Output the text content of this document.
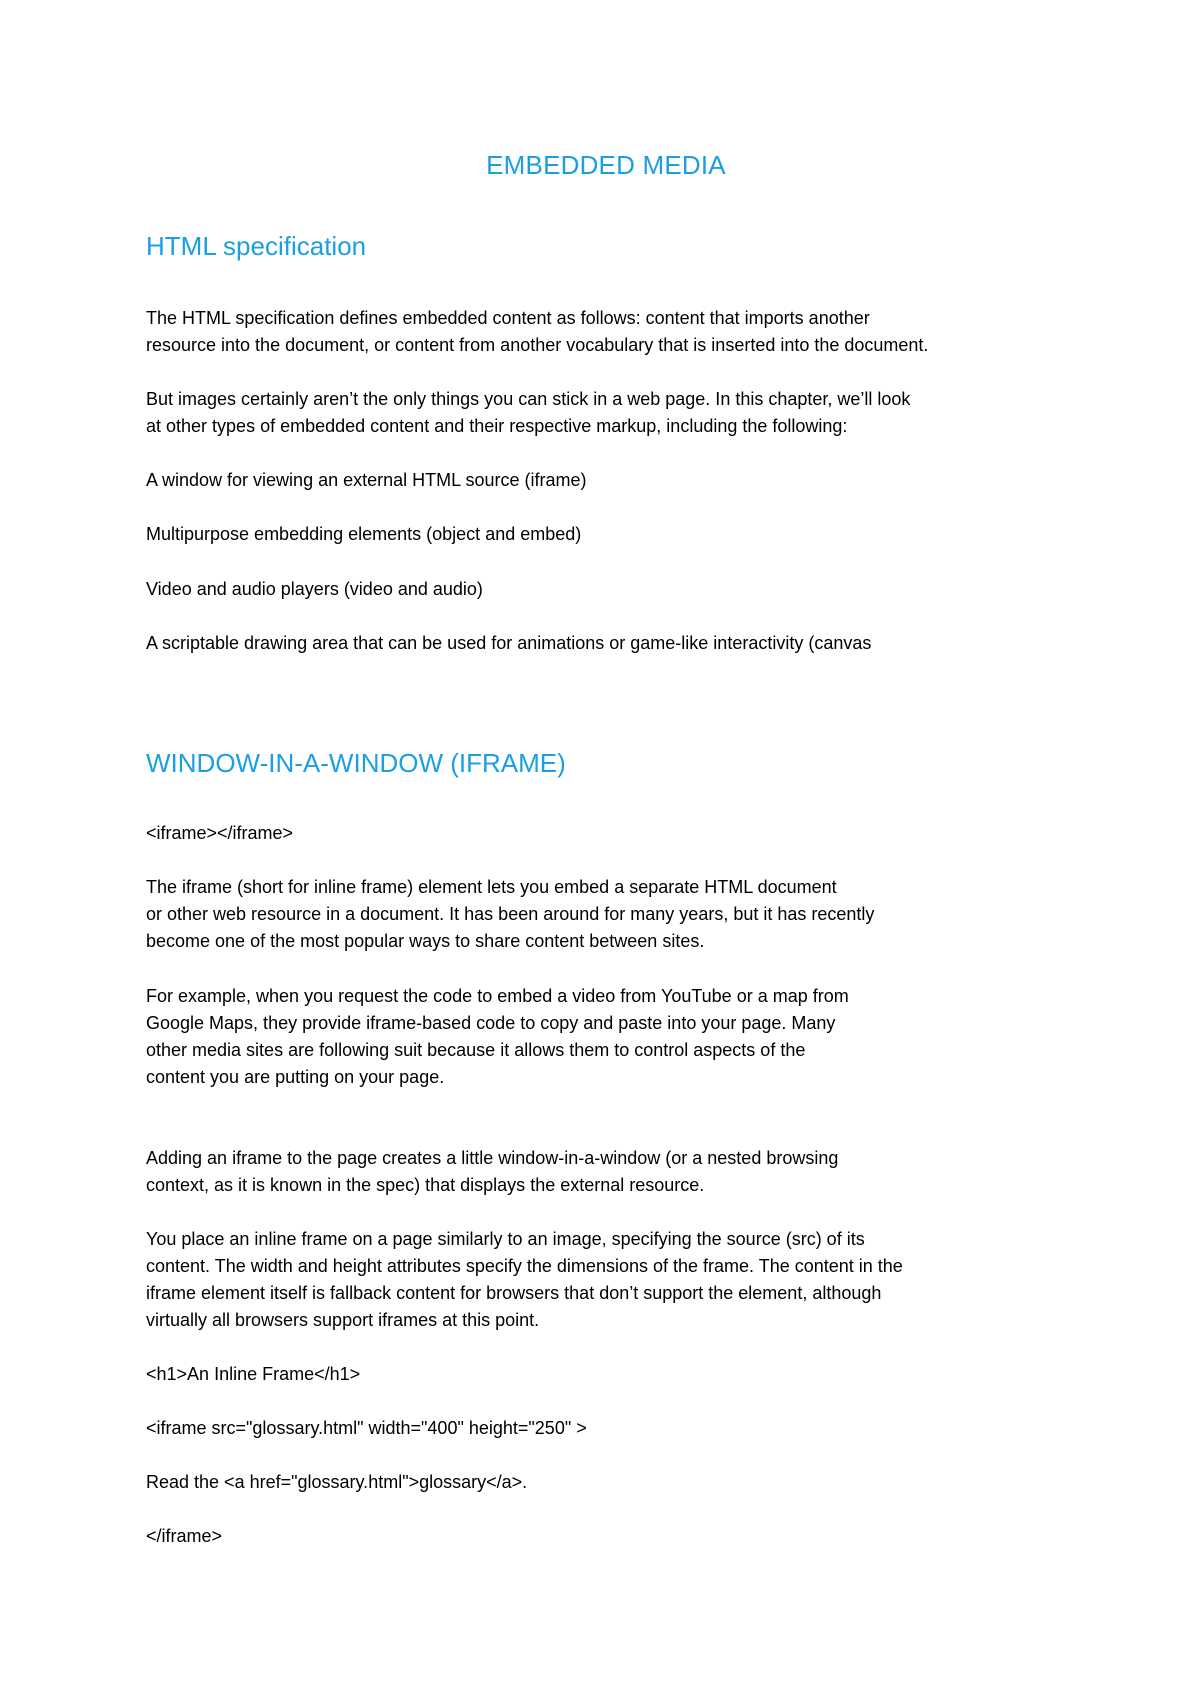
EMBEDDED MEDIA
HTML specification

The HTML specification defines embedded content as follows: content that imports another
resource into the document, or content from another vocabulary that is inserted into the document.

But images certainly aren’t the only things you can stick in a web page. In this chapter, we’ll look
at other types of embedded content and their respective markup, including the following:

A window for viewing an external HTML source (iframe)

Multipurpose embedding elements (object and embed)

Video and audio players (video and audio)

A scriptable drawing area that can be used for animations or game-like interactivity (canvas

WINDOW-IN-A-WINDOW (IFRAME)

<iframe></iframe>

The iframe (short for inline frame) element lets you embed a separate HTML document
or other web resource in a document. It has been around for many years, but it has recently
become one of the most popular ways to share content between sites.

For example, when you request the code to embed a video from YouTube or a map from
Google Maps, they provide iframe-based code to copy and paste into your page. Many
other media sites are following suit because it allows them to control aspects of the
content you are putting on your page.

Adding an iframe to the page creates a little window-in-a-window (or a nested browsing
context, as it is known in the spec) that displays the external resource.

You place an inline frame on a page similarly to an image, specifying the source (src) of its
content. The width and height attributes specify the dimensions of the frame. The content in the
iframe element itself is fallback content for browsers that don’t support the element, although
virtually all browsers support iframes at this point.

<h1>An Inline Frame</h1>

<iframe src="glossary.html" width="400" height="250" >

Read the <a href="glossary.html">glossary</a>.

</iframe>
